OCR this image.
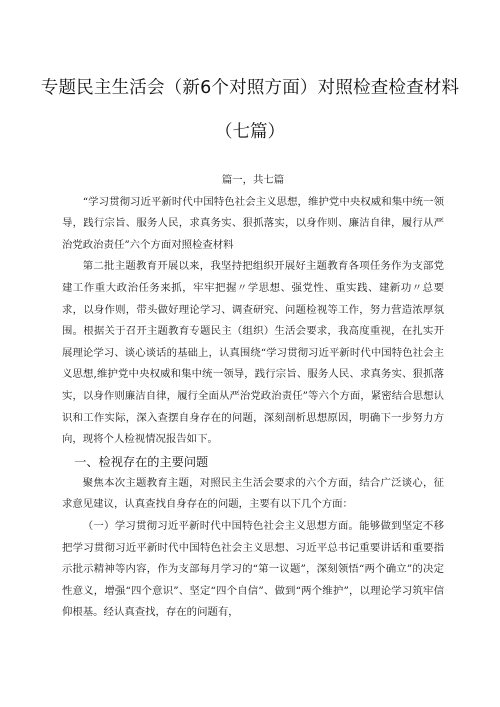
专题民主生活会（新6个对照方面）对照检查检查材料
（七篇）

篇一，共七篇

“学习贯彻习近平新时代中国特色社会主义思想，维护党中央权威和集中统一领导，践行宗旨、服务人民，求真务实、狠抓落实，以身作则、廉洁自律，履行从严治党政治责任”六个方面对照检查材料

第二批主题教育开展以来，我坚持把组织开展好主题教育各项任务作为支部党建工作重大政治任务来抓，牢牢把握〃学思想、强党性、重实践、建新功〃总要求，以身作则，带头做好理论学习、调查研究、问题检视等工作，努力营造浓厚氛围。根据关于召开主题教育专题民主（组织）生活会要求，我高度重视，在扎实开展理论学习、谈心谈话的基础上，认真围绕“学习贯彻习近平新时代中国特色社会主义思想,维护党中央权威和集中统一领导，践行宗旨、服务人民、求真务实、狠抓落实，以身作则廉洁自律，履行全面从严治党政治责任”等六个方面，紧密结合思想认识和工作实际，深入查摆自身存在的问题，深刻剖析思想原因，明确下一步努力方向，现将个人检视情况报告如下。

一、检视存在的主要问题

聚焦本次主题教育主题，对照民主生活会要求的六个方面，结合广泛谈心，征求意见建议，认真查找自身存在的问题，主要有以下几个方面：

（一）学习贯彻习近平新时代中国特色社会主义思想方面。能够做到坚定不移把学习贯彻习近平新时代中国特色社会主义思想、习近平总书记重要讲话和重要指示批示精神等内容，作为支部每月学习的“第一议题”，深刻领悟“两个确立”的决定性意义，增强“四个意识”、坚定“四个自信”、做到“两个维护”，以理论学习筑牢信仰根基。经认真查找，存在的问题有，
